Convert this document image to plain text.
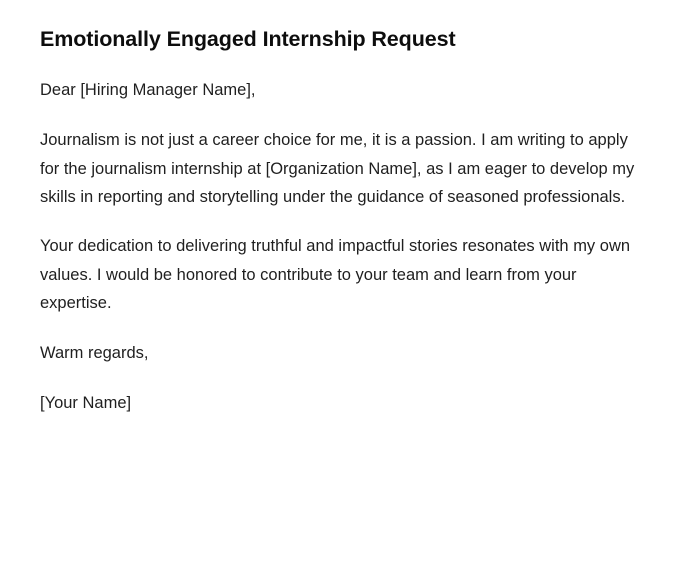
Emotionally Engaged Internship Request

Dear [Hiring Manager Name],

Journalism is not just a career choice for me, it is a passion. I am writing to apply for the journalism internship at [Organization Name], as I am eager to develop my skills in reporting and storytelling under the guidance of seasoned professionals.

Your dedication to delivering truthful and impactful stories resonates with my own values. I would be honored to contribute to your team and learn from your expertise.

Warm regards,

[Your Name]
